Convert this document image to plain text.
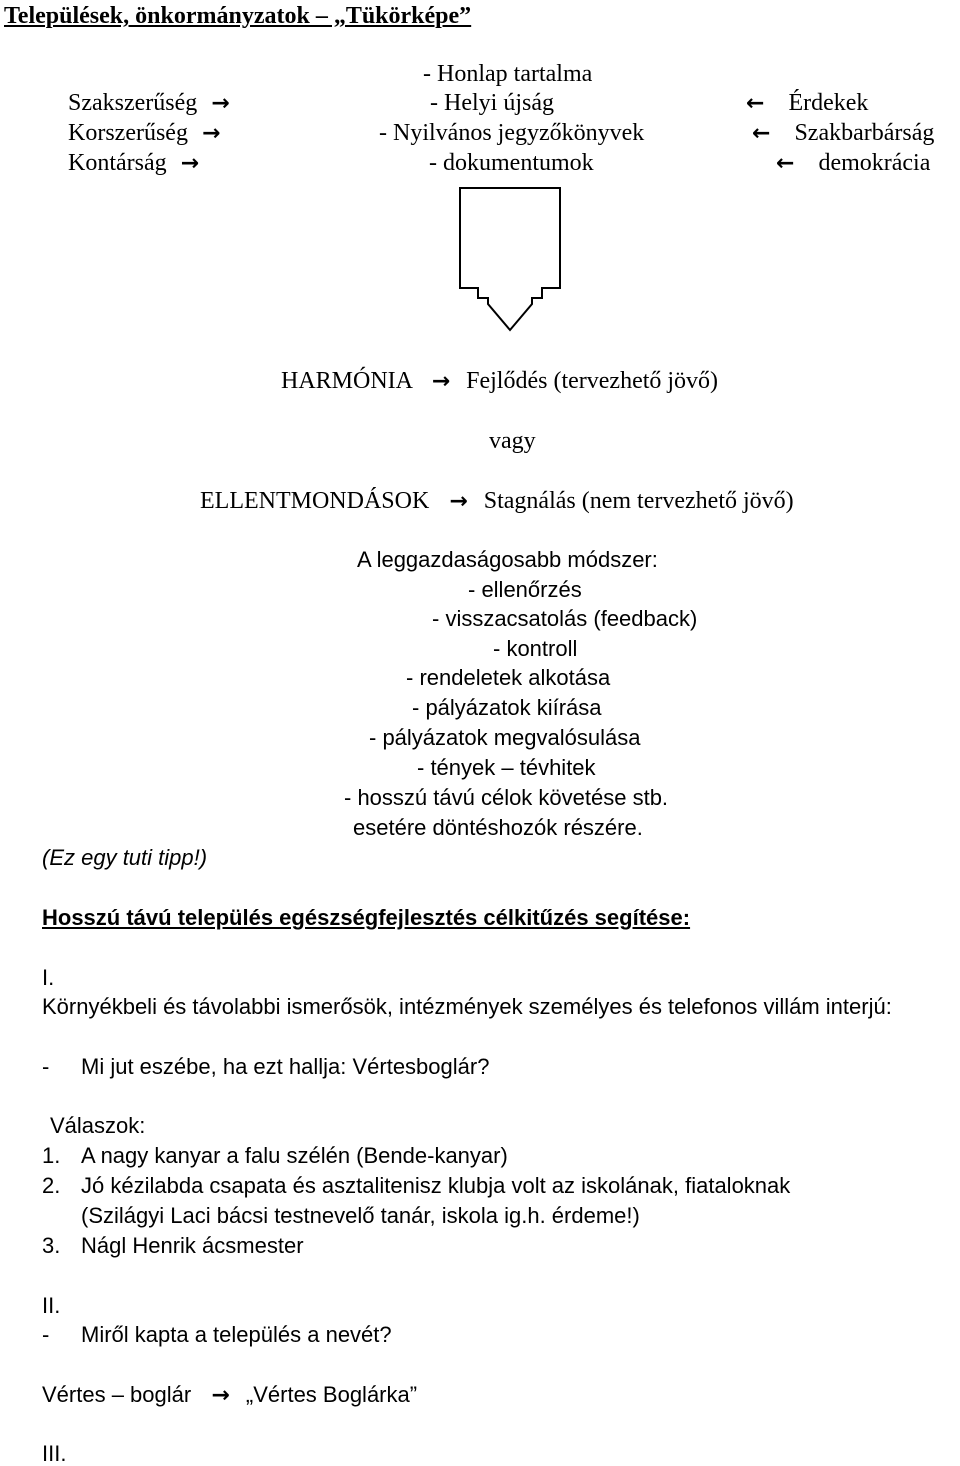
Települések, önkormányzatok – „Tükörképe”
- Honlap tartalma
- Helyi újság
- Nyilvános jegyzőkönyvek
- dokumentumok
Szakszerűség →
Korszerűség →
Kontárság →
← Érdekek
← Szakbarbárság
← demokrácia
HARMÓNIA → Fejlődés (tervezhető jövő)
vagy
ELLENTMONDÁSOK → Stagnálás (nem tervezhető jövő)
A leggazdaságosabb módszer:
- ellenőrzés
- visszacsatolás (feedback)
- kontroll
- rendeletek alkotása
- pályázatok kiírása
- pályázatok megvalósulása
- tények – tévhitek
- hosszú távú célok követése stb.
esetére döntéshozók részére.
(Ez egy tuti tipp!)
Hosszú távú település egészségfejlesztés célkitűzés segítése:
I.
Környékbeli és távolabbi ismerősök, intézmények személyes és telefonos villám interjú:
- Mi jut eszébe, ha ezt hallja: Vértesboglár?
Válaszok:
1. A nagy kanyar a falu szélén (Bende-kanyar)
2. Jó kézilabda csapata és asztalitenisz klubja volt az iskolának, fiataloknak
(Szilágyi Laci bácsi testnevelő tanár, iskola ig.h. érdeme!)
3. Nágl Henrik ácsmester
II.
- Miről kapta a település a nevét?
Vértes – boglár → „Vértes Boglárka”
III.
